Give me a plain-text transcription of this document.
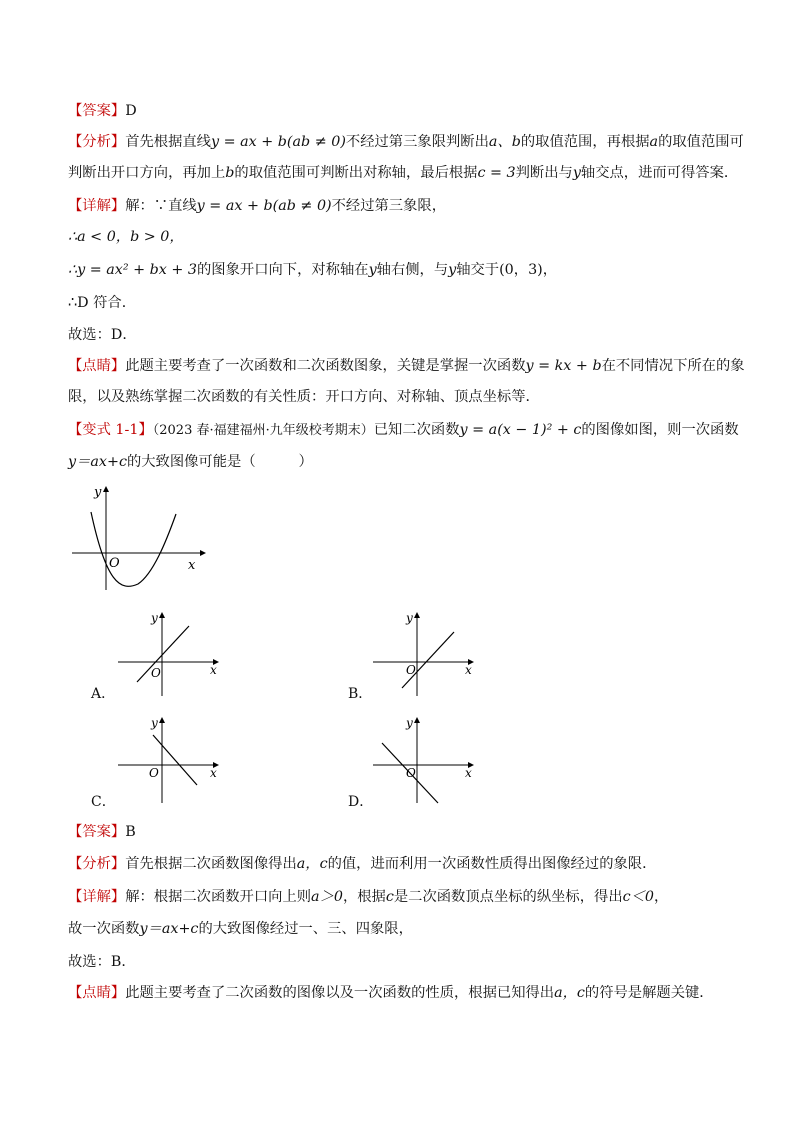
【答案】D
【分析】首先根据直线y = ax + b(ab ≠ 0)不经过第三象限判断出a、b的取值范围，再根据a的取值范围可
判断出开口方向，再加上b的取值范围可判断出对称轴，最后根据c = 3判断出与y轴交点，进而可得答案．
【详解】解：∵直线y = ax + b(ab ≠ 0)不经过第三象限，
∴a < 0，b > 0，
∴y = ax² + bx + 3的图象开口向下，对称轴在y轴右侧，与y轴交于(0，3)，
∴D 符合．
故选：D．
【点睛】此题主要考查了一次函数和二次函数图象，关键是掌握一次函数y = kx + b在不同情况下所在的象
限，以及熟练掌握二次函数的有关性质：开口方向、对称轴、顶点坐标等．
【变式 1-1】（2023 春·福建福州·九年级校考期末）已知二次函数y = a(x − 1)² + c的图像如图，则一次函数
y＝ax+c的大致图像可能是（　　　）
y
x
O
A．
y
x
O
B．
y
x
O
C．
y
x
O
D．
y
x
O
【答案】B
【分析】首先根据二次函数图像得出a，c的值，进而利用一次函数性质得出图像经过的象限．
【详解】解：根据二次函数开口向上则a＞0，根据c是二次函数顶点坐标的纵坐标，得出c＜0，
故一次函数y＝ax+c的大致图像经过一、三、四象限，
故选：B．
【点睛】此题主要考查了二次函数的图像以及一次函数的性质，根据已知得出a，c的符号是解题关键．
